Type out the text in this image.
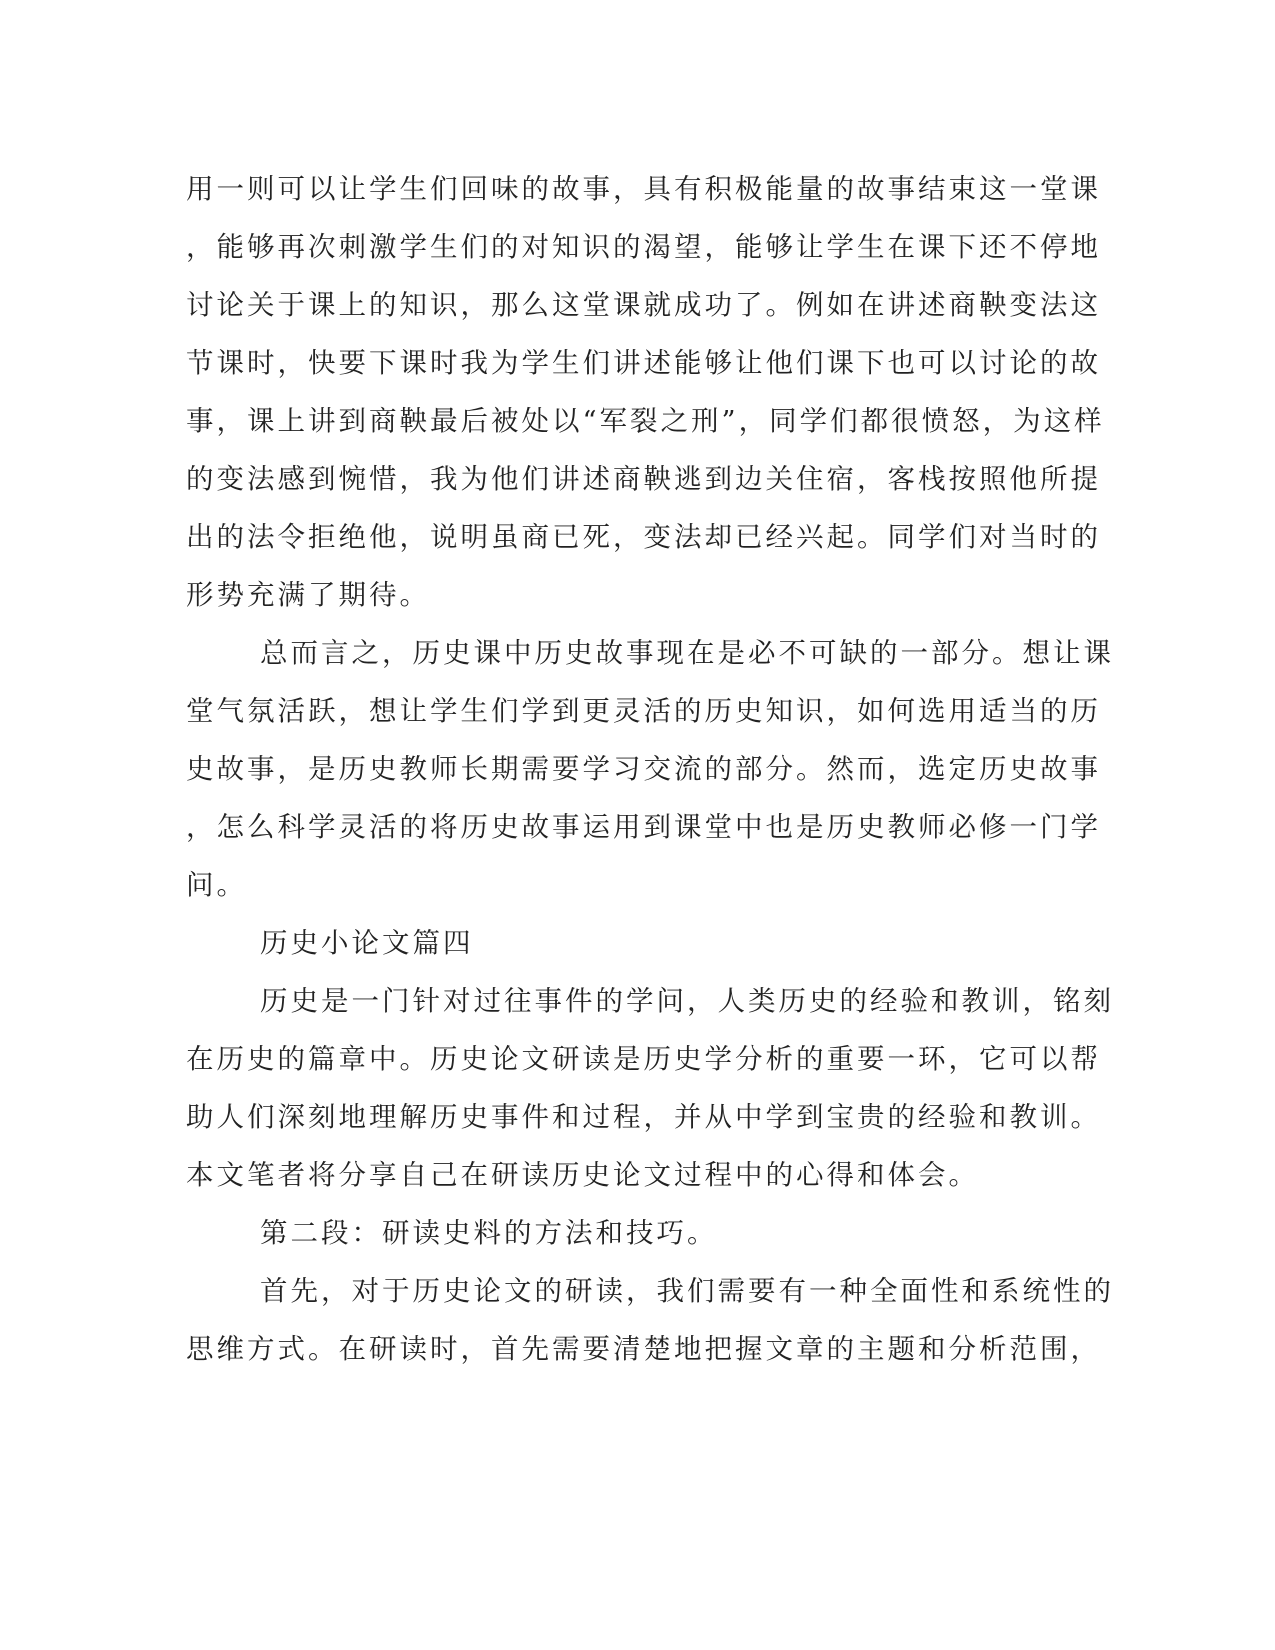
用一则可以让学生们回味的故事，具有积极能量的故事结束这一堂课
，能够再次刺激学生们的对知识的渴望，能够让学生在课下还不停地
讨论关于课上的知识，那么这堂课就成功了。例如在讲述商鞅变法这
节课时，快要下课时我为学生们讲述能够让他们课下也可以讨论的故
事，课上讲到商鞅最后被处以“军裂之刑”，同学们都很愤怒，为这样
的变法感到惋惜，我为他们讲述商鞅逃到边关住宿，客栈按照他所提
出的法令拒绝他，说明虽商已死，变法却已经兴起。同学们对当时的
形势充满了期待。
总而言之，历史课中历史故事现在是必不可缺的一部分。想让课
堂气氛活跃，想让学生们学到更灵活的历史知识，如何选用适当的历
史故事，是历史教师长期需要学习交流的部分。然而，选定历史故事
，怎么科学灵活的将历史故事运用到课堂中也是历史教师必修一门学
问。
历史小论文篇四
历史是一门针对过往事件的学问，人类历史的经验和教训，铭刻
在历史的篇章中。历史论文研读是历史学分析的重要一环，它可以帮
助人们深刻地理解历史事件和过程，并从中学到宝贵的经验和教训。
本文笔者将分享自己在研读历史论文过程中的心得和体会。
第二段：研读史料的方法和技巧。
首先，对于历史论文的研读，我们需要有一种全面性和系统性的
思维方式。在研读时，首先需要清楚地把握文章的主题和分析范围，
